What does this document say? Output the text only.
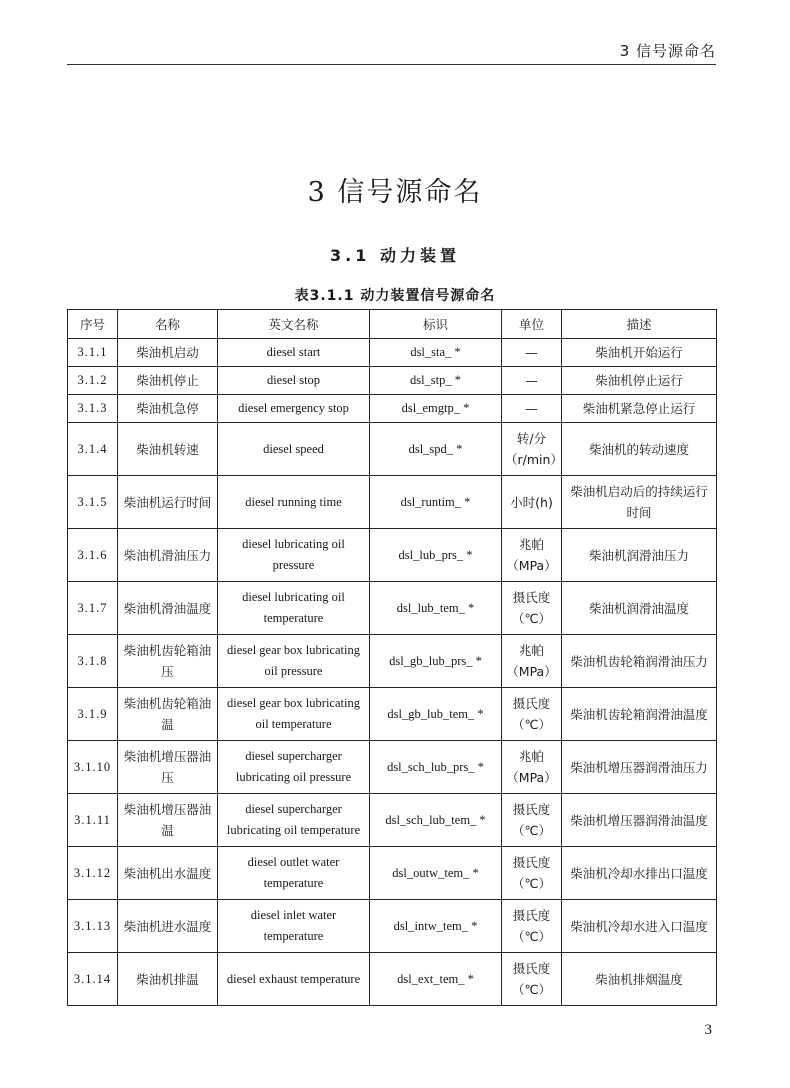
3 信号源命名
3 信号源命名
3.1 动力装置
表3.1.1 动力装置信号源命名
序号	名称	英文名称	标识	单位	描述
3.1.1	柴油机启动	diesel start	dsl_sta_ *	—	柴油机开始运行
3.1.2	柴油机停止	diesel stop	dsl_stp_ *	—	柴油机停止运行
3.1.3	柴油机急停	diesel emergency stop	dsl_emgtp_ *	—	柴油机紧急停止运行
3.1.4	柴油机转速	diesel speed	dsl_spd_ *	转/分 （r/min）	柴油机的转动速度
3.1.5	柴油机运行时间	diesel running time	dsl_runtim_ *	小时(h)	柴油机启动后的持续运行时间
3.1.6	柴油机滑油压力	diesel lubricating oil pressure	dsl_lub_prs_ *	兆帕 （MPa）	柴油机润滑油压力
3.1.7	柴油机滑油温度	diesel lubricating oil temperature	dsl_lub_tem_ *	摄氏度 （℃）	柴油机润滑油温度
3.1.8	柴油机齿轮箱油压	diesel gear box lubricating oil pressure	dsl_gb_lub_prs_ *	兆帕 （MPa）	柴油机齿轮箱润滑油压力
3.1.9	柴油机齿轮箱油温	diesel gear box lubricating oil temperature	dsl_gb_lub_tem_ *	摄氏度 （℃）	柴油机齿轮箱润滑油温度
3.1.10	柴油机增压器油压	diesel supercharger lubricating oil pressure	dsl_sch_lub_prs_ *	兆帕 （MPa）	柴油机增压器润滑油压力
3.1.11	柴油机增压器油温	diesel supercharger lubricating oil temperature	dsl_sch_lub_tem_ *	摄氏度 （℃）	柴油机增压器润滑油温度
3.1.12	柴油机出水温度	diesel outlet water temperature	dsl_outw_tem_ *	摄氏度 （℃）	柴油机冷却水排出口温度
3.1.13	柴油机进水温度	diesel inlet water temperature	dsl_intw_tem_ *	摄氏度 （℃）	柴油机冷却水进入口温度
3.1.14	柴油机排温	diesel exhaust temperature	dsl_ext_tem_ *	摄氏度 （℃）	柴油机排烟温度
3
